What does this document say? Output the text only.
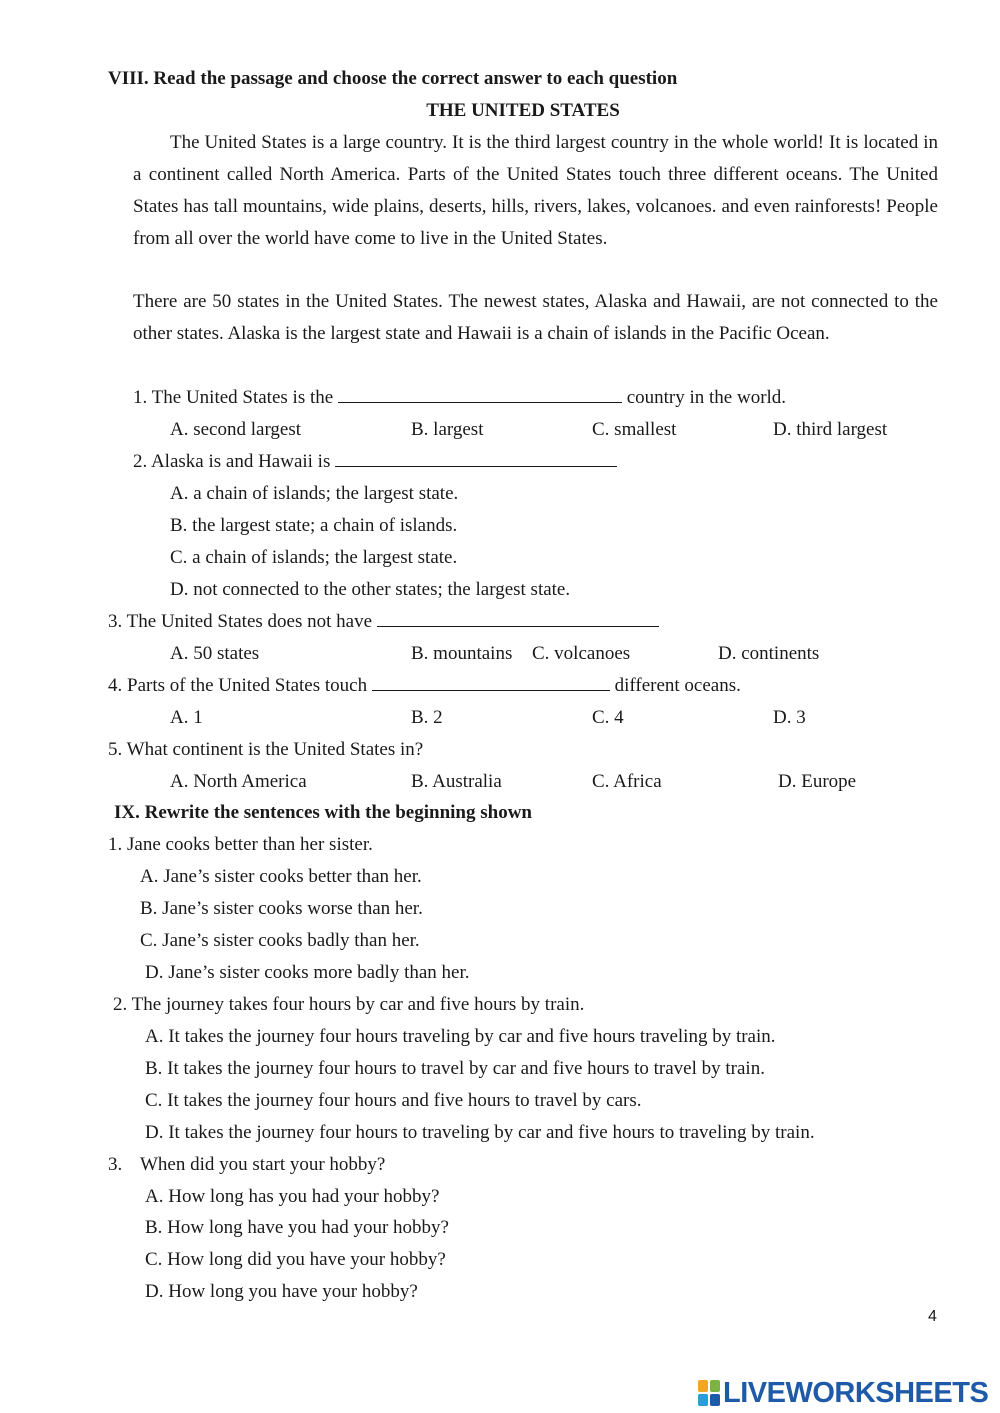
VIII. Read the passage and choose the correct answer to each question
THE UNITED STATES

The United States is a large country. It is the third largest country in the whole world! It is located in a continent called North America. Parts of the United States touch three different oceans. The United States has tall mountains, wide plains, deserts, hills, rivers, lakes, volcanoes. and even rainforests! People from all over the world have come to live in the United States.

There are 50 states in the United States. The newest states, Alaska and Hawaii, are not connected to the other states. Alaska is the largest state and Hawaii is a chain of islands in the Pacific Ocean.

1. The United States is the	country in the world.
A. second largest	B. largest	C. smallest	D. third largest
2. Alaska is and Hawaii is
A. a chain of islands; the largest state.
B. the largest state; a chain of islands.
C. a chain of islands; the largest state.
D. not connected to the other states; the largest state.
3. The United States does not have
A. 50 states	B. mountains C. volcanoes	D. continents
4. Parts of the United States touch	different oceans.
A. 1	B. 2	C. 4	D. 3
5. What continent is the United States in?
A. North America	B. Australia	C. Africa	D. Europe
IX. Rewrite the sentences with the beginning shown
1. Jane cooks better than her sister.
A. Jane’s sister cooks better than her.
B. Jane’s sister cooks worse than her.
C. Jane’s sister cooks badly than her.
D. Jane’s sister cooks more badly than her.
2. The journey takes four hours by car and five hours by train.
A. It takes the journey four hours traveling by car and five hours traveling by train.
B. It takes the journey four hours to travel by car and five hours to travel by train.
C. It takes the journey four hours and five hours to travel by cars.
D. It takes the journey four hours to traveling by car and five hours to traveling by train.
3. When did you start your hobby?
A. How long has you had your hobby?
B. How long have you had your hobby?
C. How long did you have your hobby?
D. How long you have your hobby?
4
LIVEWORKSHEETS
